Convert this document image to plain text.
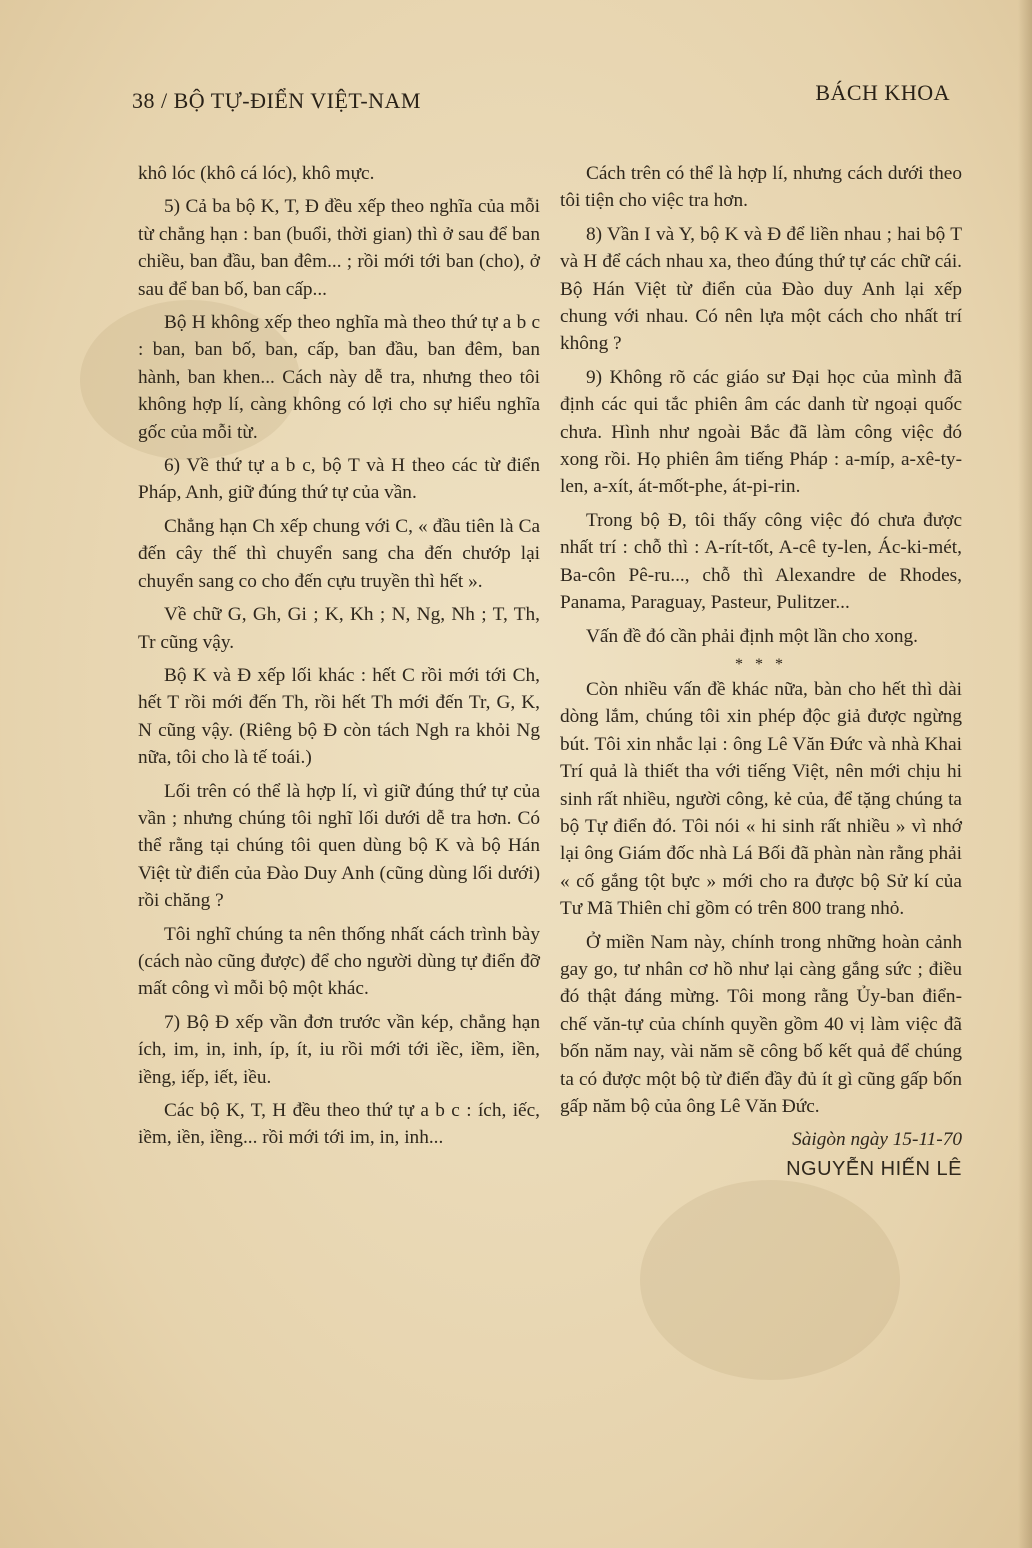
38 / BỘ TỰ-ĐIỂN VIỆT-NAM	BÁCH KHOA

khô lóc (khô cá lóc), khô mực.

5) Cả ba bộ K, T, Đ đều xếp theo nghĩa của mỗi từ chẳng hạn : ban (buổi, thời gian) thì ở sau để ban chiều, ban đầu, ban đêm... ; rồi mới tới ban (cho), ở sau để ban bố, ban cấp...

Bộ H không xếp theo nghĩa mà theo thứ tự a b c : ban, ban bố, ban, cấp, ban đầu, ban đêm, ban hành, ban khen... Cách này dễ tra, nhưng theo tôi không hợp lí, càng không có lợi cho sự hiểu nghĩa gốc của mỗi từ.

6) Về thứ tự a b c, bộ T và H theo các từ điển Pháp, Anh, giữ đúng thứ tự của vần.

Chẳng hạn Ch xếp chung với C, « đầu tiên là Ca đến cây thế thì chuyển sang cha đến chướp lại chuyển sang co cho đến cựu truyền thì hết ».

Về chữ G, Gh, Gi ; K, Kh ; N, Ng, Nh ; T, Th, Tr cũng vậy.

Bộ K và Đ xếp lối khác : hết C rồi mới tới Ch, hết T rồi mới đến Th, rồi hết Th mới đến Tr, G, K, N cũng vậy. (Riêng bộ Đ còn tách Ngh ra khỏi Ng nữa, tôi cho là tế toái.)

Lối trên có thể là hợp lí, vì giữ đúng thứ tự của vần ; nhưng chúng tôi nghĩ lối dưới dễ tra hơn. Có thể rằng tại chúng tôi quen dùng bộ K và bộ Hán Việt từ điển của Đào Duy Anh (cũng dùng lối dưới) rồi chăng ?

Tôi nghĩ chúng ta nên thống nhất cách trình bày (cách nào cũng được) để cho người dùng tự điển đỡ mất công vì mỗi bộ một khác.

7) Bộ Đ xếp vần đơn trước vần kép, chẳng hạn ích, im, in, inh, íp, ít, iu rồi mới tới iềc, iềm, iền, iềng, iếp, iết, iều.

Các bộ K, T, H đều theo thứ tự a b c : ích, iếc, iềm, iền, iềng... rồi mới tới im, in, inh...

Cách trên có thể là hợp lí, nhưng cách dưới theo tôi tiện cho việc tra hơn.

8) Vần I và Y, bộ K và Đ để liền nhau ; hai bộ T và H để cách nhau xa, theo đúng thứ tự các chữ cái. Bộ Hán Việt từ điển của Đào duy Anh lại xếp chung với nhau. Có nên lựa một cách cho nhất trí không ?

9) Không rõ các giáo sư Đại học của mình đã định các qui tắc phiên âm các danh từ ngoại quốc chưa. Hình như ngoài Bắc đã làm công việc đó xong rồi. Họ phiên âm tiếng Pháp : a-míp, a-xê-ty-len, a-xít, át-mốt-phe, át-pi-rin.

Trong bộ Đ, tôi thấy công việc đó chưa được nhất trí : chỗ thì : A-rít-tốt, A-cê ty-len, Ác-ki-mét, Ba-côn Pê-ru..., chỗ thì Alexandre de Rhodes, Panama, Paraguay, Pasteur, Pulitzer...

Vấn đề đó cần phải định một lần cho xong.

* * *

Còn nhiều vấn đề khác nữa, bàn cho hết thì dài dòng lắm, chúng tôi xin phép độc giả được ngừng bút. Tôi xin nhắc lại : ông Lê Văn Đức và nhà Khai Trí quả là thiết tha với tiếng Việt, nên mới chịu hi sinh rất nhiều, người công, kẻ của, để tặng chúng ta bộ Tự điển đó. Tôi nói « hi sinh rất nhiều » vì nhớ lại ông Giám đốc nhà Lá Bối đã phàn nàn rằng phải « cố gắng tột bực » mới cho ra được bộ Sử kí của Tư Mã Thiên chỉ gồm có trên 800 trang nhỏ.

Ở miền Nam này, chính trong những hoàn cảnh gay go, tư nhân cơ hồ như lại càng gắng sức ; điều đó thật đáng mừng. Tôi mong rằng Ủy-ban điển-chế văn-tự của chính quyền gồm 40 vị làm việc đã bốn năm nay, vài năm sẽ công bố kết quả để chúng ta có được một bộ từ điển đầy đủ ít gì cũng gấp bốn gấp năm bộ của ông Lê Văn Đức.

Sàigòn ngày 15-11-70
NGUYỄN HIẾN LÊ
